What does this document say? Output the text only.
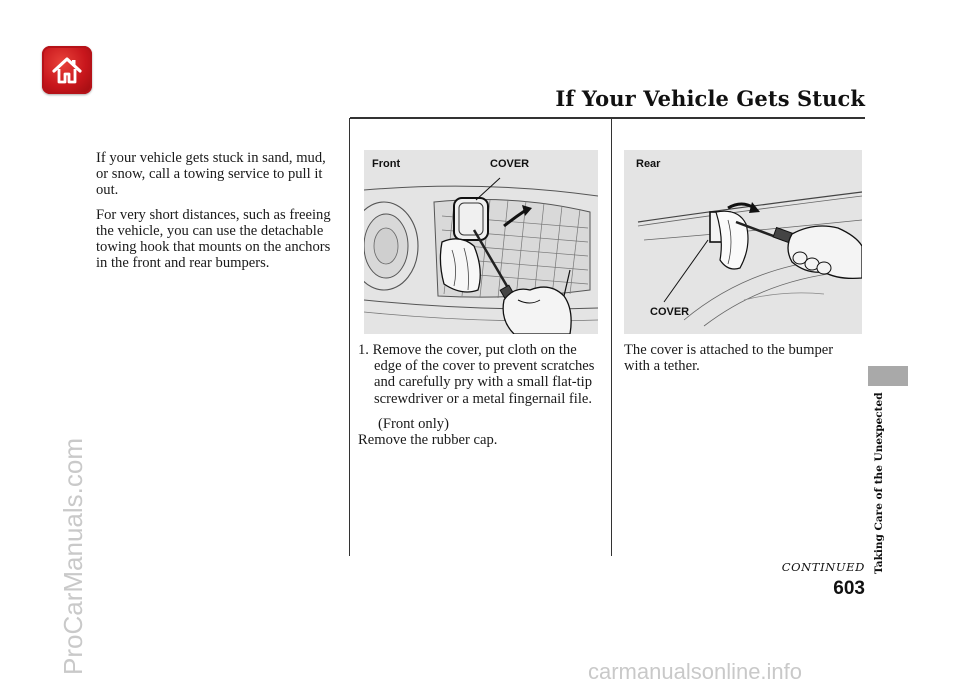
If Your Vehicle Gets Stuck

If your vehicle gets stuck in sand, mud, or snow, call a towing service to pull it out.

For very short distances, such as freeing the vehicle, you can use the detachable towing hook that mounts on the anchors in the front and rear bumpers.

Front	COVER	Rear
COVER

1. Remove the cover, put cloth on the edge of the cover to prevent scratches and carefully pry with a small flat-tip screwdriver or a metal fingernail file.

(Front only)
Remove the rubber cap.

The cover is attached to the bumper with a tether.

Taking Care of the Unexpected
CONTINUED
603
ProCarManuals.com	carmanualsonline.info
